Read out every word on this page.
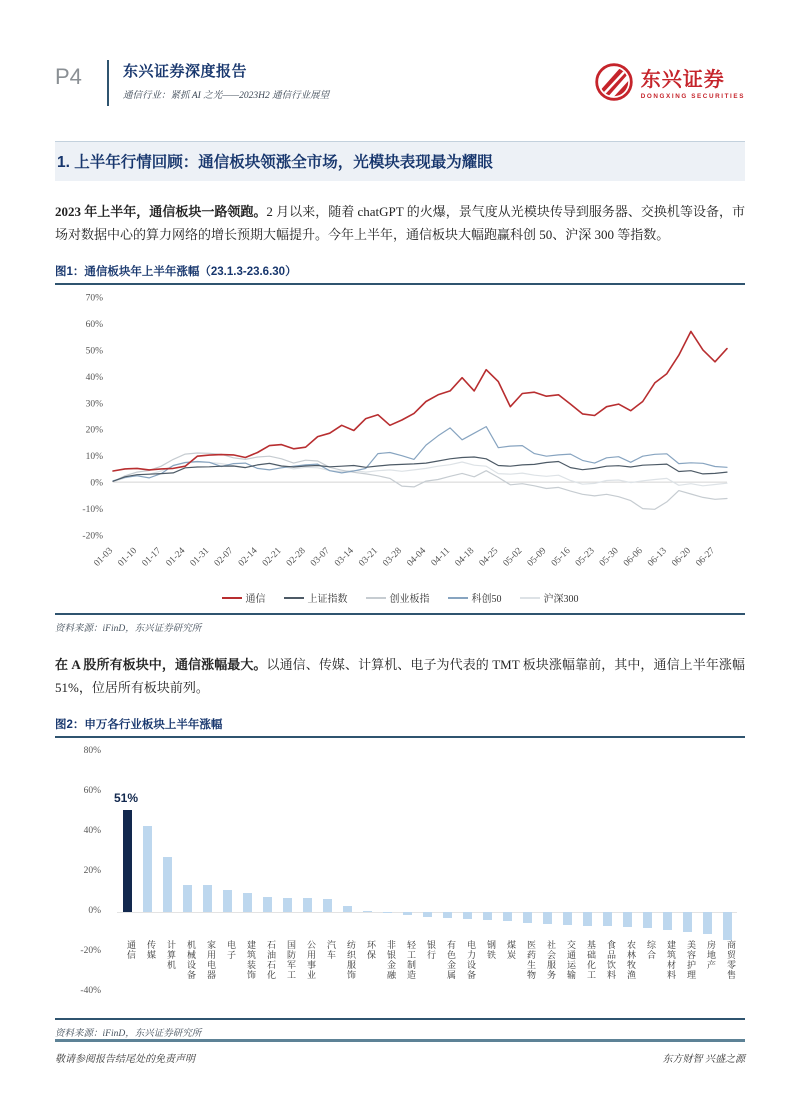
P4	东兴证券深度报告
通信行业：紧抓 AI 之光——2023H2 通信行业展望
东兴证券
DONGXING SECURITIES
1. 上半年行情回顾：通信板块领涨全市场，光模块表现最为耀眼
2023 年上半年，通信板块一路领跑。2 月以来，随着 chatGPT 的火爆，景气度从光模块传导到服务器、交换机等设备，市场对数据中心的算力网络的增长预期大幅提升。今年上半年，通信板块大幅跑赢科创 50、沪深 300 等指数。
图1：通信板块年上半年涨幅（23.1.3-23.6.30）
70%
60%
50%
40%
30%
20%
10%
0%
-10%
-20%
01-03 01-10 01-17 01-24 01-31 02-07 02-14 02-21 02-28 03-07 03-14 03-21 03-28 04-04 04-11 04-18 04-25 05-02 05-09 05-16 05-23 05-30 06-06 06-13 06-20 06-27
通信	上证指数	创业板指	科创50	沪深300
资料来源：iFinD，东兴证券研究所
在 A 股所有板块中，通信涨幅最大。以通信、传媒、计算机、电子为代表的 TMT 板块涨幅靠前，其中，通信上半年涨幅 51%，位居所有板块前列。
图2：申万各行业板块上半年涨幅
80%
60%
40%
20%
0%
-20%
-40%
通信	传媒	计算机	机械设备	家用电器	电子	建筑装饰	石油石化	国防军工	公用事业	汽车	纺织服饰	环保	非银金融	轻工制造	银行	有色金属	电力设备	钢铁	煤炭	医药生物	社会服务	交通运输	基础化工	食品饮料	农林牧渔	综合	建筑材料	美容护理	房地产	商贸零售
51%
资料来源：iFinD，东兴证券研究所
敬请参阅报告结尾处的免责声明	东方财智 兴盛之源
